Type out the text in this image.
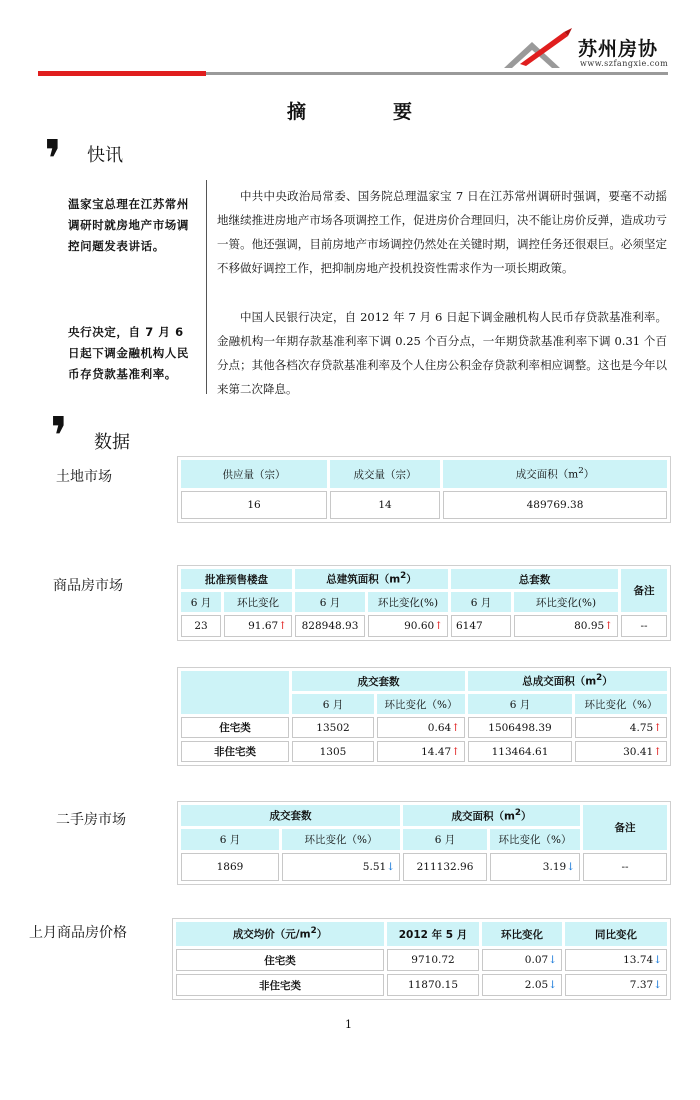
苏州房协
www.szfangxie.com
摘	要
❜ 快讯
温家宝总理在江苏常州调研时就房地产市场调控问题发表讲话。
央行决定，自 7 月 6 日起下调金融机构人民币存贷款基准利率。
中共中央政治局常委、国务院总理温家宝 7 日在江苏常州调研时强调，要毫不动摇地继续推进房地产市场各项调控工作，促进房价合理回归，决不能让房价反弹，造成功亏一篑。他还强调，目前房地产市场调控仍然处在关键时期，调控任务还很艰巨。必须坚定不移做好调控工作，把抑制房地产投机投资性需求作为一项长期政策。
中国人民银行决定，自 2012 年 7 月 6 日起下调金融机构人民币存贷款基准利率。金融机构一年期存款基准利率下调 0.25 个百分点，一年期贷款基准利率下调 0.31 个百分点；其他各档次存贷款基准利率及个人住房公积金存贷款利率相应调整。这也是今年以来第二次降息。
❜ 数据
土地市场	供应量（宗）	成交量（宗）	成交面积$(m^2)$
16	14	489769.38
商品房市场	批准预售楼盘		总建筑面积$(m^2)$		总套数		备注
6 月	环比变化	6 月	环比变化(%)	6 月	环比变化(%)	
23	91.67↑	828948.93	90.60↑	6147	80.95↑	--
	成交套数		总成交面积$(m^2)$	
	6 月	环比变化（%）	6 月	环比变化（%）
住宅类	13502	0.64↑	1506498.39	4.75↑
非住宅类	1305	14.47↑	113464.61	30.41↑
二手房市场	成交套数		成交面积$(m^2)$		备注
6 月	环比变化（%）	6 月	环比变化（%）	
1869	5.51↓	211132.96	3.19↓	--
上月商品房价格	成交均价（元$/m^2$）	2012 年 5 月	环比变化	同比变化
住宅类	9710.72	0.07↓	13.74↓
非住宅类	11870.15	2.05↓	7.37↓
1
